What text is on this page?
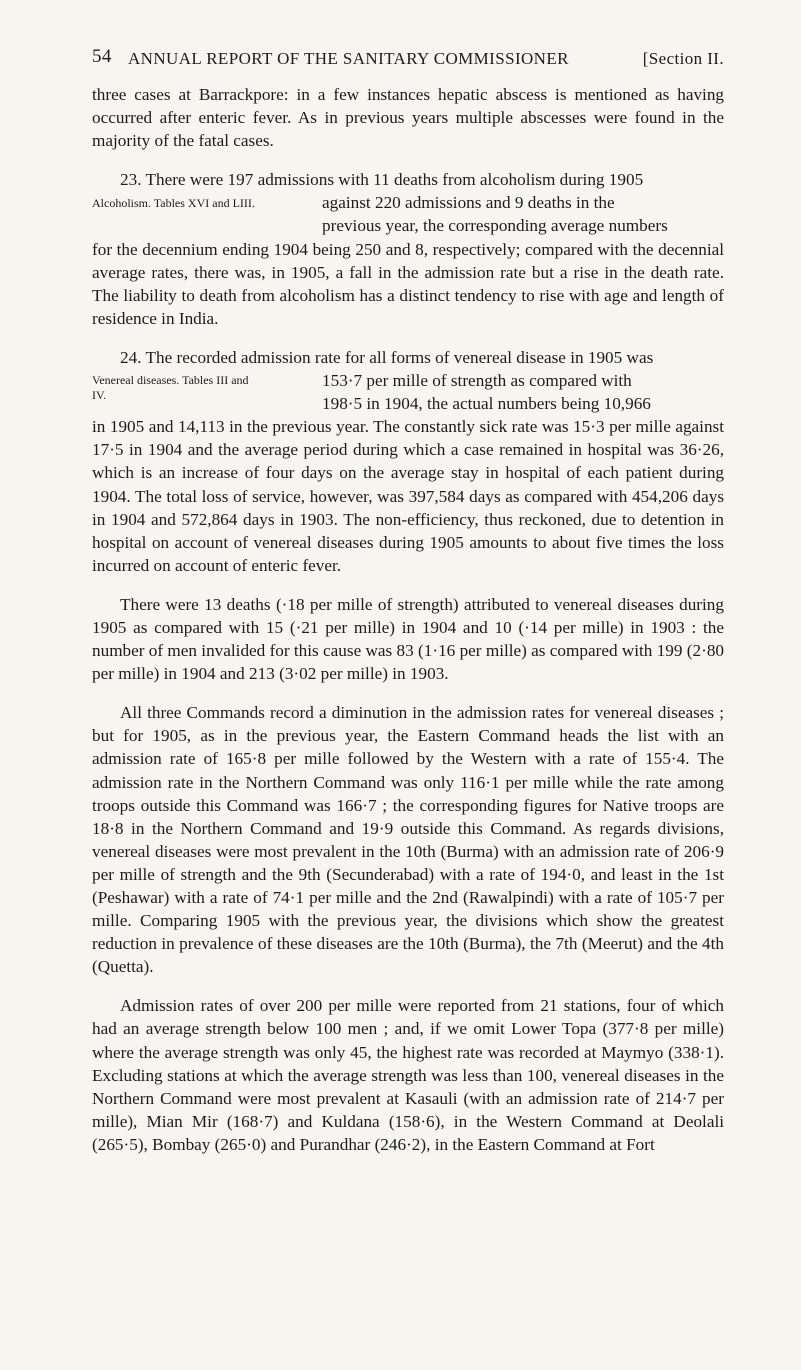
54 ANNUAL REPORT OF THE SANITARY COMMISSIONER	[Section II.

three cases at Barrackpore: in a few instances hepatic abscess is mentioned as having occurred after enteric fever. As in previous years multiple abscesses were found in the majority of the fatal cases.

23. There were 197 admissions with 11 deaths from alcoholism during 1905

Alcoholism. Tables XVI and LIII.	against 220 admissions and 9 deaths in the

previous year, the corresponding average numbers

for the decennium ending 1904 being 250 and 8, respectively; compared with the decennial average rates, there was, in 1905, a fall in the admission rate but a rise in the death rate. The liability to death from alcoholism has a distinct tendency to rise with age and length of residence in India.

24. The recorded admission rate for all forms of venereal disease in 1905 was

Venereal diseases. Tables III and
IV.

153·7 per mille of strength as compared with

198·5 in 1904, the actual numbers being 10,966

in 1905 and 14,113 in the previous year. The constantly sick rate was 15·3 per mille against 17·5 in 1904 and the average period during which a case remained in hospital was 36·26, which is an increase of four days on the average stay in hospital of each patient during 1904. The total loss of service, however, was 397,584 days as compared with 454,206 days in 1904 and 572,864 days in 1903. The non-efficiency, thus reckoned, due to detention in hospital on account of venereal diseases during 1905 amounts to about five times the loss incurred on account of enteric fever.

There were 13 deaths (·18 per mille of strength) attributed to venereal diseases during 1905 as compared with 15 (·21 per mille) in 1904 and 10 (·14 per mille) in 1903 : the number of men invalided for this cause was 83 (1·16 per mille) as compared with 199 (2·80 per mille) in 1904 and 213 (3·02 per mille) in 1903.

All three Commands record a diminution in the admission rates for venereal diseases ; but for 1905, as in the previous year, the Eastern Command heads the list with an admission rate of 165·8 per mille followed by the Western with a rate of 155·4. The admission rate in the Northern Command was only 116·1 per mille while the rate among troops outside this Command was 166·7 ; the corresponding figures for Native troops are 18·8 in the Northern Command and 19·9 outside this Command. As regards divisions, venereal diseases were most prevalent in the 10th (Burma) with an admission rate of 206·9 per mille of strength and the 9th (Secunderabad) with a rate of 194·0, and least in the 1st (Peshawar) with a rate of 74·1 per mille and the 2nd (Rawalpindi) with a rate of 105·7 per mille. Comparing 1905 with the previous year, the divisions which show the greatest reduction in prevalence of these diseases are the 10th (Burma), the 7th (Meerut) and the 4th (Quetta).

Admission rates of over 200 per mille were reported from 21 stations, four of which had an average strength below 100 men ; and, if we omit Lower Topa (377·8 per mille) where the average strength was only 45, the highest rate was recorded at Maymyo (338·1). Excluding stations at which the average strength was less than 100, venereal diseases in the Northern Command were most prevalent at Kasauli (with an admission rate of 214·7 per mille), Mian Mir (168·7) and Kuldana (158·6), in the Western Command at Deolali (265·5), Bombay (265·0) and Purandhar (246·2), in the Eastern Command at Fort
